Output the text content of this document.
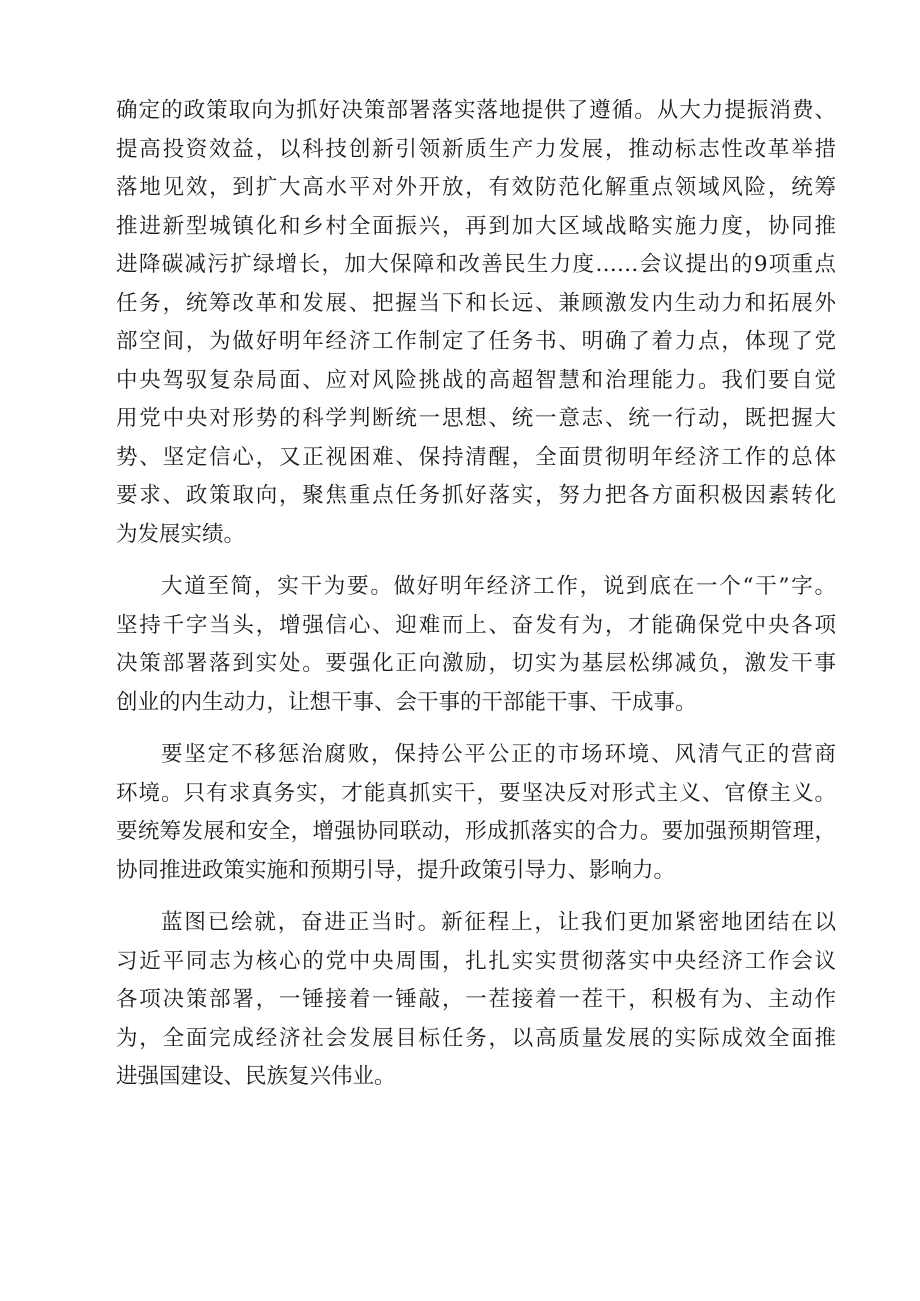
确定的政策取向为抓好决策部署落实落地提供了遵循。从大力提振消费、
提高投资效益，以科技创新引领新质生产力发展，推动标志性改革举措
落地见效，到扩大高水平对外开放，有效防范化解重点领域风险，统筹
推进新型城镇化和乡村全面振兴，再到加大区域战略实施力度，协同推
进降碳减污扩绿增长，加大保障和改善民生力度……会议提出的9项重点
任务，统筹改革和发展、把握当下和长远、兼顾激发内生动力和拓展外
部空间，为做好明年经济工作制定了任务书、明确了着力点，体现了党
中央驾驭复杂局面、应对风险挑战的高超智慧和治理能力。我们要自觉
用党中央对形势的科学判断统一思想、统一意志、统一行动，既把握大
势、坚定信心，又正视困难、保持清醒，全面贯彻明年经济工作的总体
要求、政策取向，聚焦重点任务抓好落实，努力把各方面积极因素转化
为发展实绩。
大道至简，实干为要。做好明年经济工作，说到底在一个“干”字。
坚持千字当头，增强信心、迎难而上、奋发有为，才能确保党中央各项
决策部署落到实处。要强化正向激励，切实为基层松绑减负，激发干事
创业的内生动力，让想干事、会干事的干部能干事、干成事。
要坚定不移惩治腐败，保持公平公正的市场环境、风清气正的营商
环境。只有求真务实，才能真抓实干，要坚决反对形式主义、官僚主义。
要统筹发展和安全，增强协同联动，形成抓落实的合力。要加强预期管理，
协同推进政策实施和预期引导，提升政策引导力、影响力。
蓝图已绘就，奋进正当时。新征程上，让我们更加紧密地团结在以
习近平同志为核心的党中央周围，扎扎实实贯彻落实中央经济工作会议
各项决策部署，一锤接着一锤敲，一茬接着一茬干，积极有为、主动作
为，全面完成经济社会发展目标任务，以高质量发展的实际成效全面推
进强国建设、民族复兴伟业。
